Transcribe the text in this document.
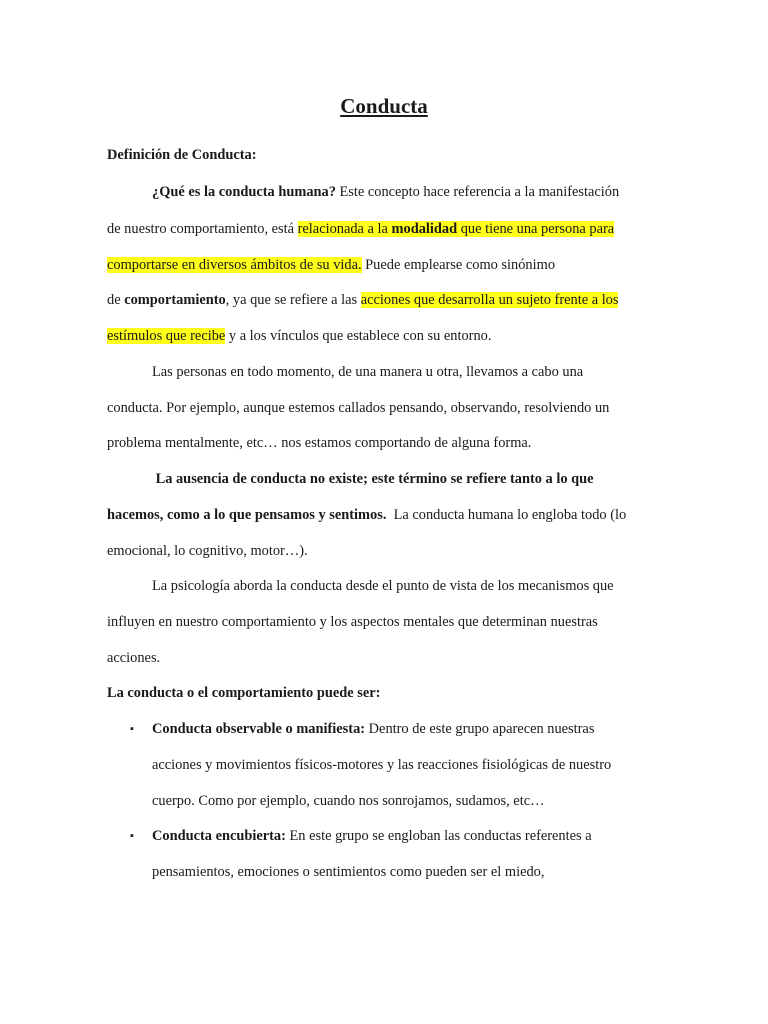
Conducta
Definición de Conducta:
¿Qué es la conducta humana? Este concepto hace referencia a la manifestación
de nuestro comportamiento, está relacionada a la modalidad que tiene una persona para
comportarse en diversos ámbitos de su vida. Puede emplearse como sinónimo
de comportamiento, ya que se refiere a las acciones que desarrolla un sujeto frente a los
estímulos que recibe y a los vínculos que establece con su entorno.
Las personas en todo momento, de una manera u otra, llevamos a cabo una
conducta. Por ejemplo, aunque estemos callados pensando, observando, resolviendo un
problema mentalmente, etc… nos estamos comportando de alguna forma.
La ausencia de conducta no existe; este término se refiere tanto a lo que
hacemos, como a lo que pensamos y sentimos.  La conducta humana lo engloba todo (lo
emocional, lo cognitivo, motor…).
La psicología aborda la conducta desde el punto de vista de los mecanismos que
influyen en nuestro comportamiento y los aspectos mentales que determinan nuestras
acciones.
La conducta o el comportamiento puede ser:
▪ Conducta observable o manifiesta: Dentro de este grupo aparecen nuestras
acciones y movimientos físicos-motores y las reacciones fisiológicas de nuestro
cuerpo. Como por ejemplo, cuando nos sonrojamos, sudamos, etc…
▪ Conducta encubierta: En este grupo se engloban las conductas referentes a
pensamientos, emociones o sentimientos como pueden ser el miedo,
